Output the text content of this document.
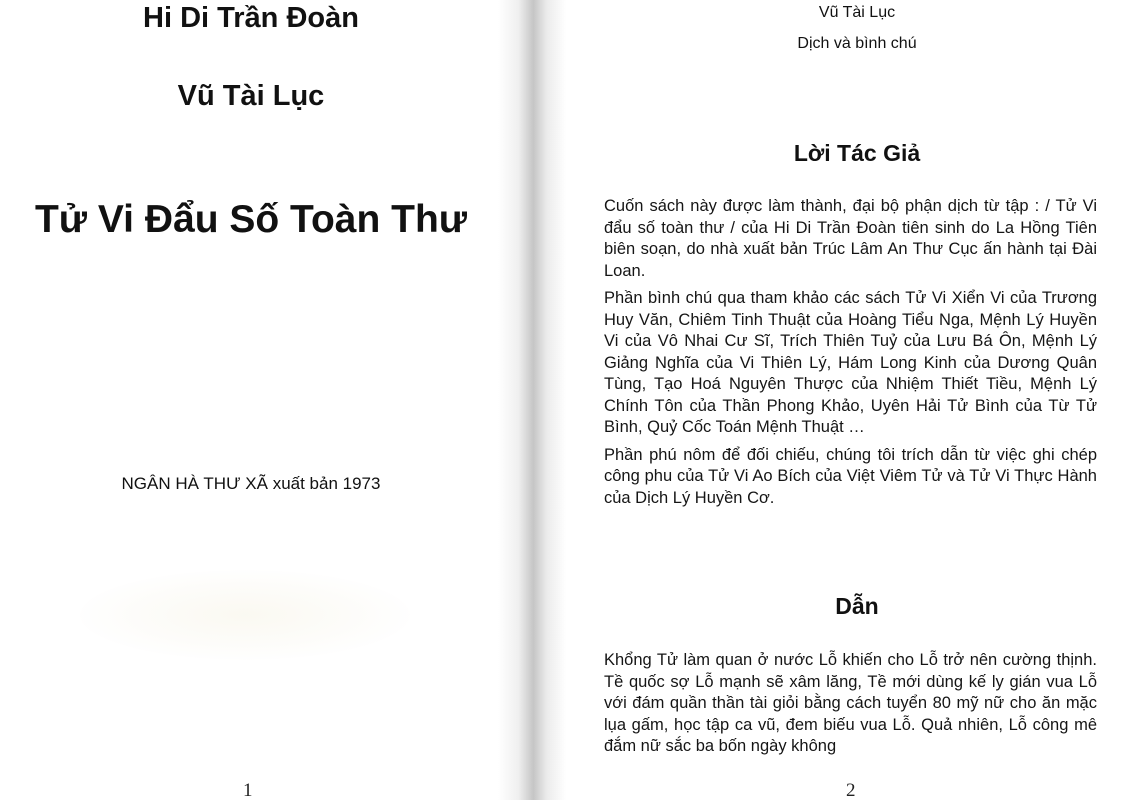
Hi Di Trần Đoàn
Vũ Tài Lục
Tử Vi Đẩu Số Toàn Thư
NGÂN HÀ THƯ XÃ xuất bản 1973
1
Vũ Tài Lục
Dịch và bình chú
Lời Tác Giả

Cuốn sách này được làm thành, đại bộ phận dịch từ tập : / Tử Vi đẩu số toàn thư / của Hi Di Trần Đoàn tiên sinh do La Hồng Tiên biên soạn, do nhà xuất bản Trúc Lâm An Thư Cục ấn hành tại Đài Loan.

Phần bình chú qua tham khảo các sách Tử Vi Xiển Vi của Trương Huy Văn, Chiêm Tinh Thuật của Hoàng Tiểu Nga, Mệnh Lý Huyền Vi của Vô Nhai Cư Sĩ, Trích Thiên Tuỷ của Lưu Bá Ôn, Mệnh Lý Giảng Nghĩa của Vi Thiên Lý, Hám Long Kinh của Dương Quân Tùng, Tạo Hoá Nguyên Thược của Nhiệm Thiết Tiều, Mệnh Lý Chính Tôn của Thần Phong Khảo, Uyên Hải Tử Bình của Từ Tử Bình, Quỷ Cốc Toán Mệnh Thuật …

Phần phú nôm để đối chiếu, chúng tôi trích dẫn từ việc ghi chép công phu của Tử Vi Ao Bích của Việt Viêm Tử và Tử Vi Thực Hành của Dịch Lý Huyền Cơ.

Dẫn

Khổng Tử làm quan ở nước Lỗ khiến cho Lỗ trở nên cường thịnh. Tề quốc sợ Lỗ mạnh sẽ xâm lăng, Tề mới dùng kế ly gián vua Lỗ với đám quần thần tài giỏi bằng cách tuyển 80 mỹ nữ cho ăn mặc lụa gấm, học tập ca vũ, đem biếu vua Lỗ. Quả nhiên, Lỗ công mê đắm nữ sắc ba bốn ngày không

2
